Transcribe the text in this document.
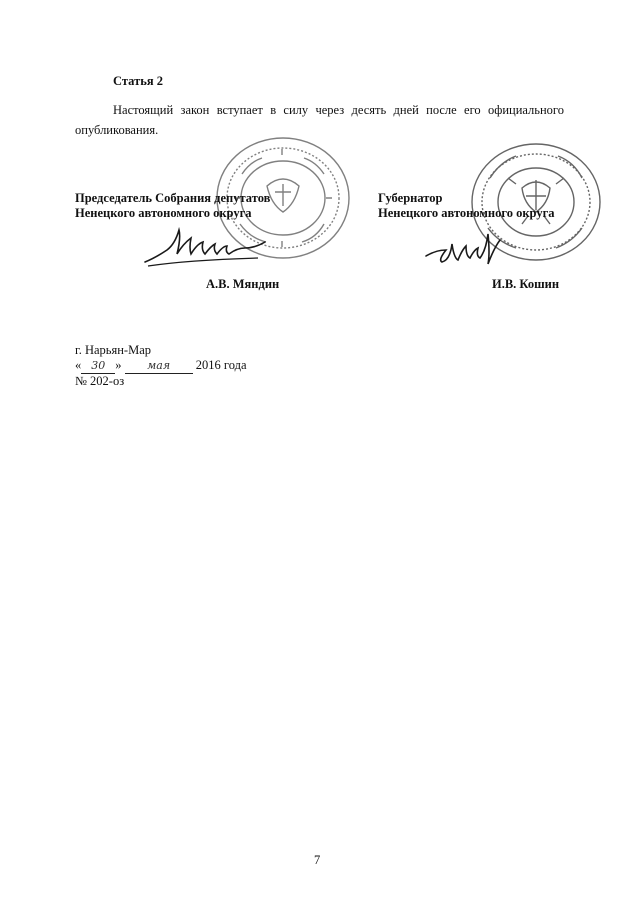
Статья 2

Настоящий закон вступает в силу через десять дней после его официального опубликования.

Председатель Собрания депутатов
Ненецкого автономного округа
Губернатор
Ненецкого автономного округа
А.В. Мяндин	И.В. Кошин
г. Нарьян-Мар
« 30 » мая 2016 года
№ 202-оз
7
